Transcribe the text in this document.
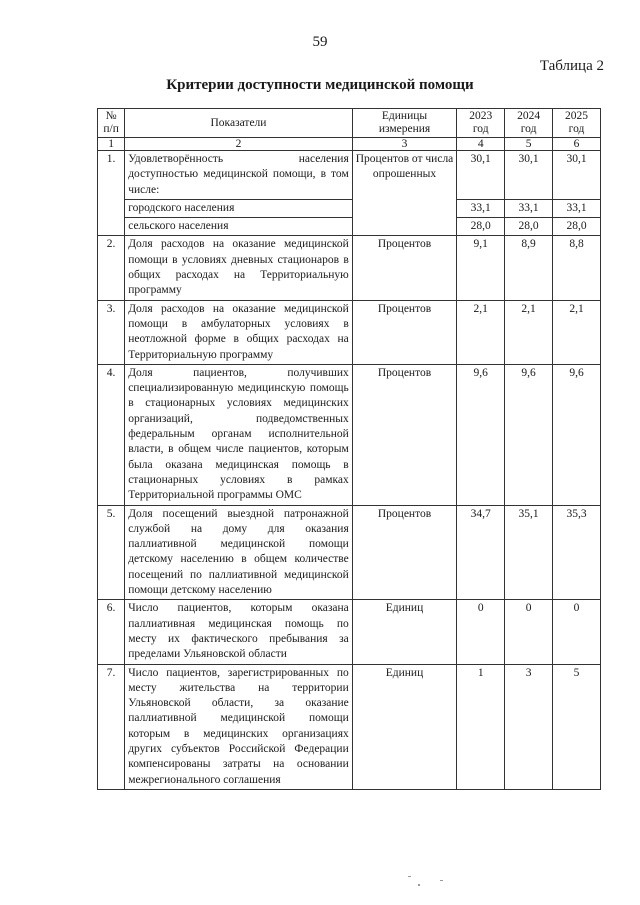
59
Таблица 2
Критерии доступности медицинской помощи
№ п/п	Показатели	Единицы измерения	2023 год	2024 год	2025 год
1	2	3	4	5	6
1.	Удовлетворённость населения доступностью медицинской помощи, в том числе:	Процентов от числа опрошенных	30,1	30,1	30,1
	городского населения		33,1	33,1	33,1
	сельского населения		28,0	28,0	28,0
2.	Доля расходов на оказание медицинской помощи в условиях дневных стационаров в общих расходах на Территориальную программу	Процентов	9,1	8,9	8,8
3.	Доля расходов на оказание медицинской помощи в амбулаторных условиях в неотложной форме в общих расходах на Территориальную программу	Процентов	2,1	2,1	2,1
4.	Доля пациентов, получивших специализированную медицинскую помощь в стационарных условиях медицинских организаций, подведомственных федеральным органам исполнительной власти, в общем числе пациентов, которым была оказана медицинская помощь в стационарных условиях в рамках Территориальной программы ОМС	Процентов	9,6	9,6	9,6
5.	Доля посещений выездной патронажной службой на дому для оказания паллиативной медицинской помощи детскому населению в общем количестве посещений по паллиативной медицинской помощи детскому населению	Процентов	34,7	35,1	35,3
6.	Число пациентов, которым оказана паллиативная медицинская помощь по месту их фактического пребывания за пределами Ульяновской области	Единиц	0	0	0
7.	Число пациентов, зарегистрированных по месту жительства на территории Ульяновской области, за оказание паллиативной медицинской помощи которым в медицинских организациях других субъектов Российской Федерации компенсированы затраты на основании межрегионального соглашения	Единиц	1	3	5
